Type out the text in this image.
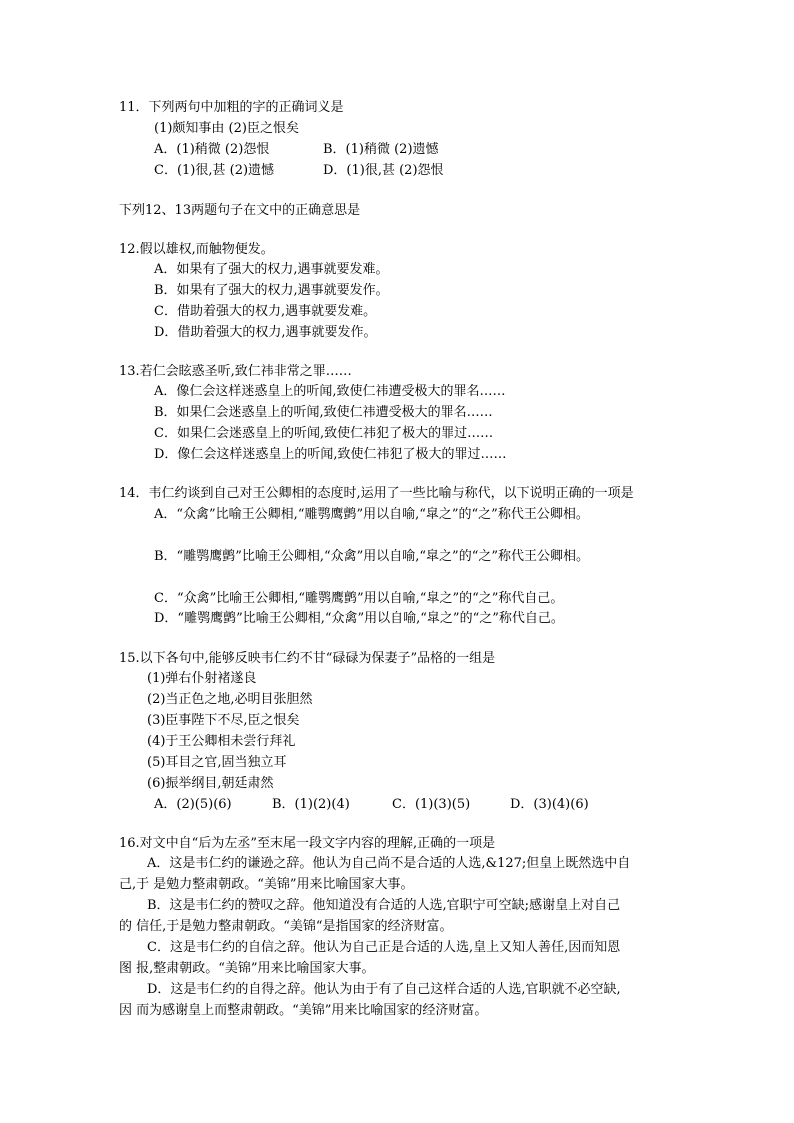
11．下列两句中加粗的字的正确词义是
(1)颇知事由 (2)臣之恨矣
A．(1)稍微 (2)怨恨	B．(1)稍微 (2)遗憾
C．(1)很,甚 (2)遗憾	D．(1)很,甚 (2)怨恨
下列12、13两题句子在文中的正确意思是
12.假以雄权,而触物便发。
A．如果有了强大的权力,遇事就要发难。
B．如果有了强大的权力,遇事就要发作。
C．借助着强大的权力,遇事就要发难。
D．借助着强大的权力,遇事就要发作。
13.若仁会眩惑圣听,致仁祎非常之罪……
A．像仁会这样迷惑皇上的听闻,致使仁祎遭受极大的罪名……
B．如果仁会迷惑皇上的听闻,致使仁祎遭受极大的罪名……
C．如果仁会迷惑皇上的听闻,致使仁祎犯了极大的罪过……
D．像仁会这样迷惑皇上的听闻,致使仁祎犯了极大的罪过……
14．韦仁约谈到自己对王公卿相的态度时,运用了一些比喻与称代，以下说明正确的一项是
A．“众禽”比喻王公卿相,“雕鹗鹰鹯”用以自喻,“皐之”的“之”称代王公卿相。
B．“雕鹗鹰鹯”比喻王公卿相,“众禽”用以自喻,“皐之”的“之”称代王公卿相。
C．“众禽”比喻王公卿相,“雕鹗鹰鹯”用以自喻,“皐之”的“之”称代自己。
D．“雕鹗鹰鹯”比喻王公卿相,“众禽”用以自喻,“皐之”的“之”称代自己。
15.以下各句中,能够反映韦仁约不甘“碌碌为保妻子”品格的一组是
(1)弹右仆射褚遂良
(2)当正色之地,必明目张胆然
(3)臣事陛下不尽,臣之恨矣
(4)于王公卿相未尝行拜礼
(5)耳目之官,固当独立耳
(6)振举纲目,朝廷肃然
A．(2)(5)(6)	B．(1)(2)(4)	C．(1)(3)(5)	D．(3)(4)(6)
16.对文中自“后为左丞”至末尾一段文字内容的理解,正确的一项是
A．这是韦仁约的谦逊之辞。他认为自己尚不是合适的人选,&127;但皇上既然选中自
己,于 是勉力整肃朝政。“美锦”用来比喻国家大事。
B．这是韦仁约的赞叹之辞。他知道没有合适的人选,官职宁可空缺;感谢皇上对自己
的 信任,于是勉力整肃朝政。“美锦“是指国家的经济财富。
C．这是韦仁约的自信之辞。他认为自己正是合适的人选,皇上又知人善任,因而知恩
图 报,整肃朝政。“美锦”用来比喻国家大事。
D．这是韦仁约的自得之辞。他认为由于有了自己这样合适的人选,官职就不必空缺,
因 而为感谢皇上而整肃朝政。“美锦”用来比喻国家的经济财富。
